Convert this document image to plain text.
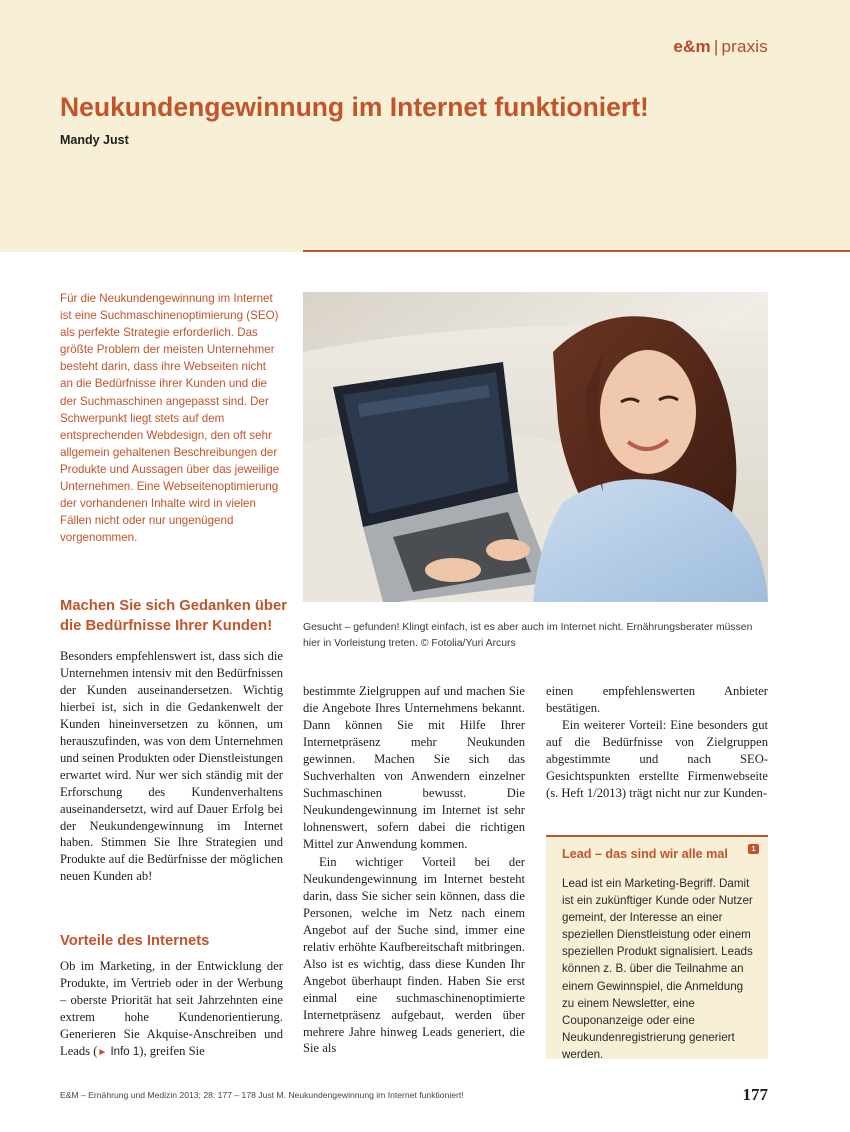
e&m | praxis
Neukundengewinnung im Internet funktioniert!
Mandy Just

Für die Neukundengewinnung im Internet ist eine Suchmaschinenoptimierung (SEO) als perfekte Strategie erforderlich. Das größte Problem der meisten Unternehmer besteht darin, dass ihre Webseiten nicht an die Bedürfnisse ihrer Kunden und die der Suchmaschinen angepasst sind. Der Schwerpunkt liegt stets auf dem entsprechenden Webdesign, den oft sehr allgemein gehaltenen Beschreibungen der Produkte und Aussagen über das jeweilige Unternehmen. Eine Webseitenoptimierung der vorhandenen Inhalte wird in vielen Fällen nicht oder nur ungenügend vorgenommen.

Gesucht – gefunden! Klingt einfach, ist es aber auch im Internet nicht. Ernährungsberater müssen hier in Vorleistung treten. © Fotolia/Yuri Arcurs

Machen Sie sich Gedanken über die Bedürfnisse Ihrer Kunden!

Besonders empfehlenswert ist, dass sich die Unternehmen intensiv mit den Bedürfnissen der Kunden auseinandersetzen. Wichtig hierbei ist, sich in die Gedankenwelt der Kunden hineinversetzen zu können, um herauszufinden, was von dem Unternehmen und seinen Produkten oder Dienstleistungen erwartet wird. Nur wer sich ständig mit der Erforschung des Kundenverhaltens auseinandersetzt, wird auf Dauer Erfolg bei der Neukundengewinnung im Internet haben. Stimmen Sie Ihre Strategien und Produkte auf die Bedürfnisse der möglichen neuen Kunden ab!

Vorteile des Internets

Ob im Marketing, in der Entwicklung der Produkte, im Vertrieb oder in der Werbung – oberste Priorität hat seit Jahrzehnten eine extrem hohe Kundenorientierung. Generieren Sie Akquise-Anschreiben und Leads (► Info 1), greifen Sie

bestimmte Zielgruppen auf und machen Sie die Angebote Ihres Unternehmens bekannt. Dann können Sie mit Hilfe Ihrer Internetpräsenz mehr Neukunden gewinnen. Machen Sie sich das Suchverhalten von Anwendern einzelner Suchmaschinen bewusst. Die Neukundengewinnung im Internet ist sehr lohnenswert, sofern dabei die richtigen Mittel zur Anwendung kommen.

Ein wichtiger Vorteil bei der Neukundengewinnung im Internet besteht darin, dass Sie sicher sein können, dass die Personen, welche im Netz nach einem Angebot auf der Suche sind, immer eine relativ erhöhte Kaufbereitschaft mitbringen. Also ist es wichtig, dass diese Kunden Ihr Angebot überhaupt finden. Haben Sie erst einmal eine suchmaschinenoptimierte Internetpräsenz aufgebaut, werden über mehrere Jahre hinweg Leads generiert, die Sie als

einen empfehlenswerten Anbieter bestätigen.

Ein weiterer Vorteil: Eine besonders gut auf die Bedürfnisse von Zielgruppen abgestimmte und nach SEO-Gesichtspunkten erstellte Firmenwebseite (s. Heft 1/2013) trägt nicht nur zur Kunden-

Lead – das sind wir alle mal	1

Lead ist ein Marketing-Begriff. Damit ist ein zukünftiger Kunde oder Nutzer gemeint, der Interesse an einer speziellen Dienstleistung oder einem speziellen Produkt signalisiert. Leads können z. B. über die Teilnahme an einem Gewinnspiel, die Anmeldung zu einem Newsletter, eine Couponanzeige oder eine Neukundenregistrierung generiert werden.

E&M – Ernährung und Medizin 2013; 28: 177 – 178 Just M. Neukundengewinnung im Internet funktioniert!	177
